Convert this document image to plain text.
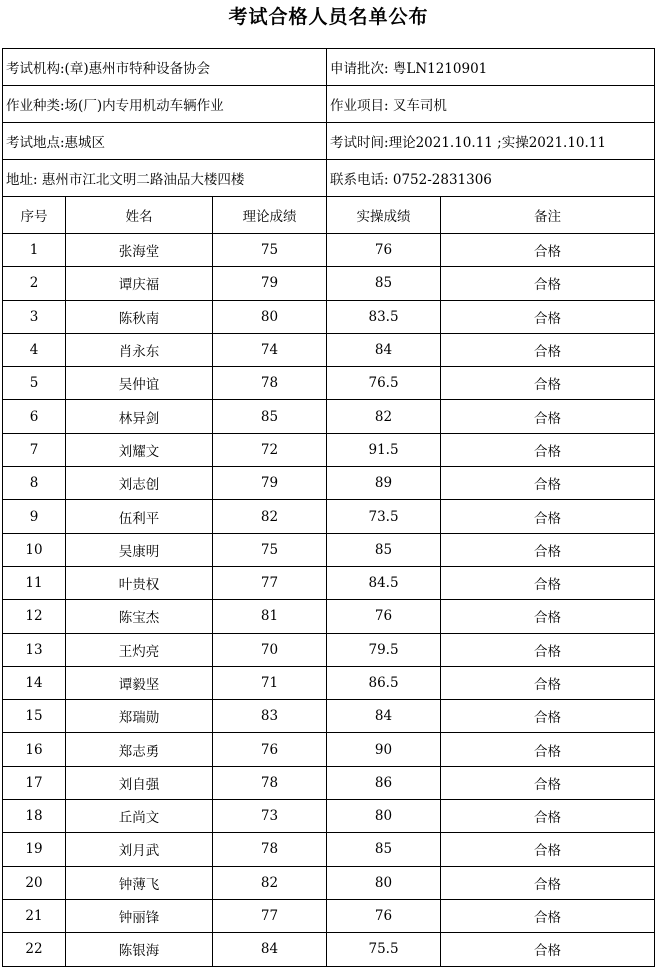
考试合格人员名单公布
考试机构:(章)惠州市特种设备协会			申请批次: 粤LN1210901	
作业种类:场(厂)内专用机动车辆作业			作业项目: 叉车司机	
考试地点:惠城区			考试时间:理论2021.10.11 ;实操2021.10.11	
地址: 惠州市江北文明二路油品大楼四楼			联系电话: 0752-2831306	
序号	姓名	理论成绩	实操成绩	备注
1	张海堂	75	76	合格
2	谭庆福	79	85	合格
3	陈秋南	80	83.5	合格
4	肖永东	74	84	合格
5	吴仲谊	78	76.5	合格
6	林异剑	85	82	合格
7	刘耀文	72	91.5	合格
8	刘志创	79	89	合格
9	伍利平	82	73.5	合格
10	吴康明	75	85	合格
11	叶贵权	77	84.5	合格
12	陈宝杰	81	76	合格
13	王灼亮	70	79.5	合格
14	谭毅坚	71	86.5	合格
15	郑瑞勋	83	84	合格
16	郑志勇	76	90	合格
17	刘自强	78	86	合格
18	丘尚文	73	80	合格
19	刘月武	78	85	合格
20	钟薄飞	82	80	合格
21	钟丽锋	77	76	合格
22	陈银海	84	75.5	合格
